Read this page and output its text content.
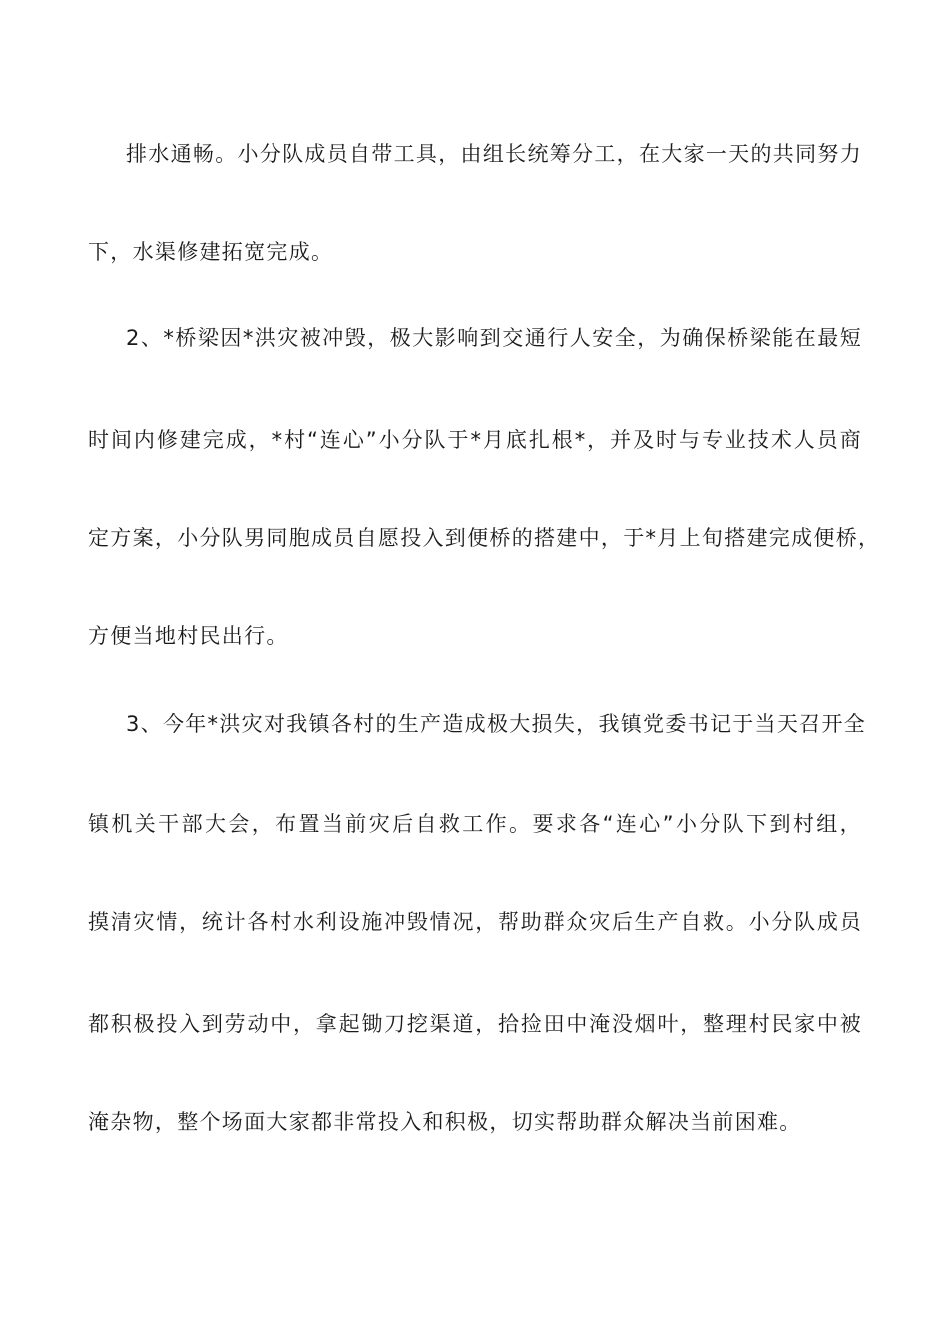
排水通畅。小分队成员自带工具，由组长统筹分工，在大家一天的共同努力

下，水渠修建拓宽完成。

2、*桥梁因*洪灾被冲毁，极大影响到交通行人安全，为确保桥梁能在最短

时间内修建完成，*村“连心”小分队于*月底扎根*，并及时与专业技术人员商

定方案，小分队男同胞成员自愿投入到便桥的搭建中，于*月上旬搭建完成便桥，

方便当地村民出行。

3、今年*洪灾对我镇各村的生产造成极大损失，我镇党委书记于当天召开全

镇机关干部大会，布置当前灾后自救工作。要求各“连心”小分队下到村组，

摸清灾情，统计各村水利设施冲毁情况，帮助群众灾后生产自救。小分队成员

都积极投入到劳动中，拿起锄刀挖渠道，拾捡田中淹没烟叶，整理村民家中被

淹杂物，整个场面大家都非常投入和积极，切实帮助群众解决当前困难。
